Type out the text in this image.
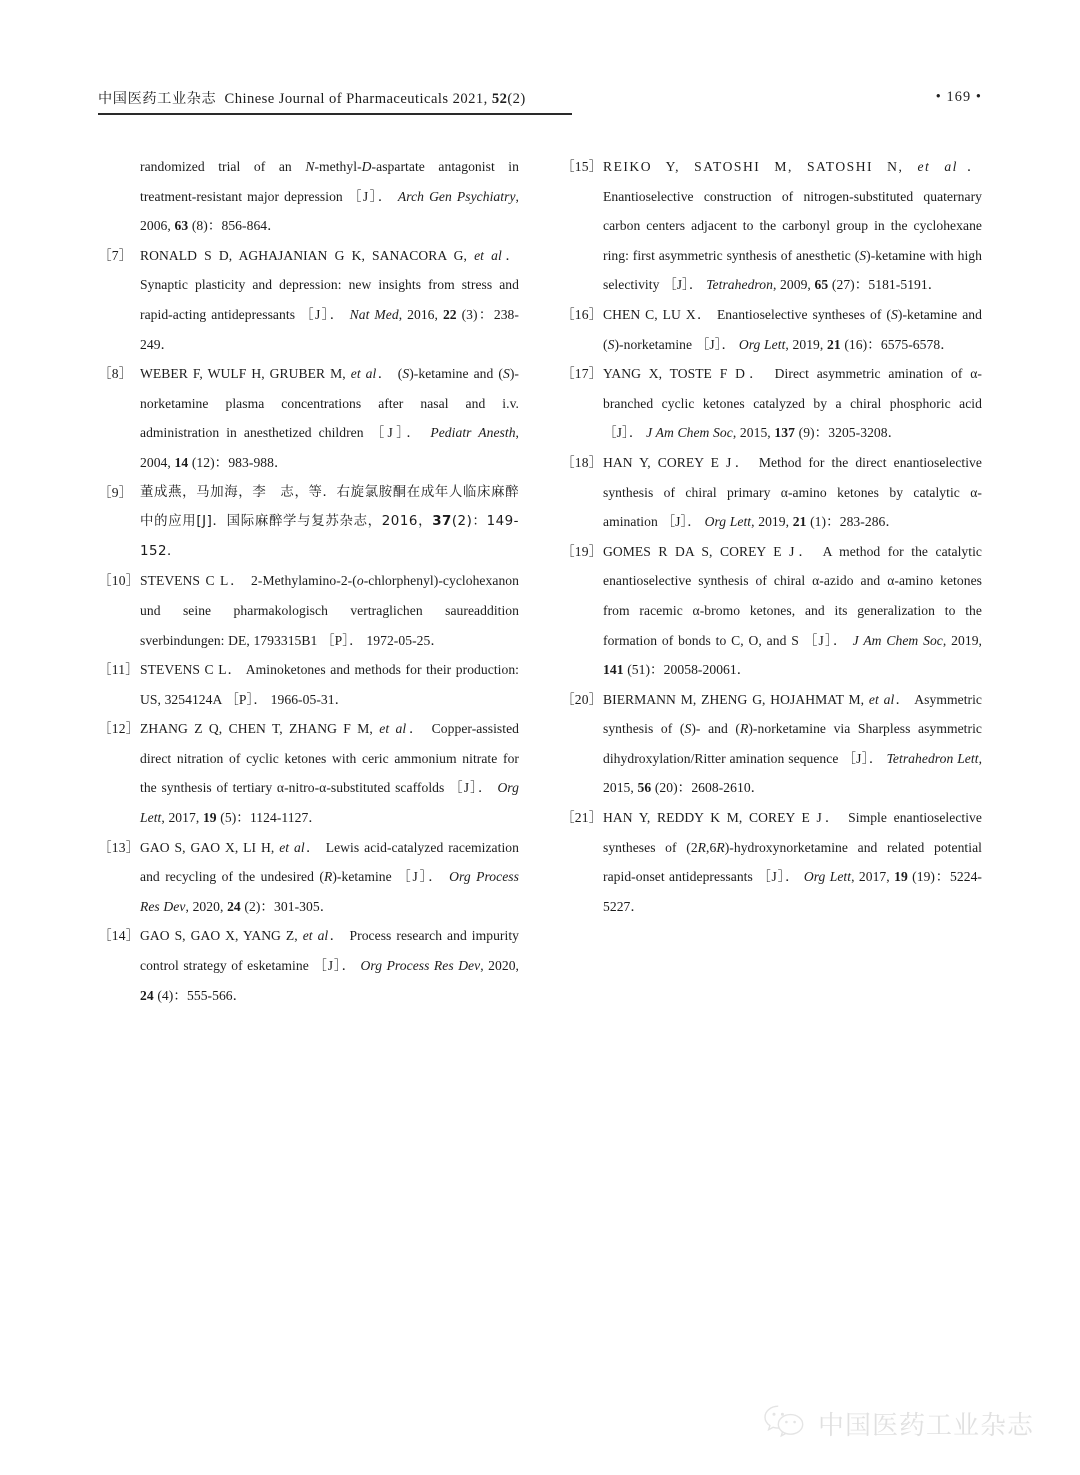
中国医药工业杂志 Chinese Journal of Pharmaceuticals 2021, 52(2)	• 169 •
randomized trial of an N-methyl-D-aspartate antagonist in treatment-resistant major depression ［J］． Arch Gen Psychiatry, 2006, 63 (8)：856-864．
［7］ RONALD S D, AGHAJANIAN G K, SANACORA G, et al． Synaptic plasticity and depression: new insights from stress and rapid-acting antidepressants ［J］． Nat Med, 2016, 22 (3)：238-249．
［8］ WEBER F, WULF H, GRUBER M, et al． (S)-ketamine and (S)-norketamine plasma concentrations after nasal and i.v. administration in anesthetized children ［J］． Pediatr Anesth, 2004, 14 (12)：983-988．
［9］ 董成燕，马加海，李　志，等．右旋氯胺酮在成年人临床麻醉中的应用[J]．国际麻醉学与复苏杂志，2016，37(2)：149-152．
［10］ STEVENS C L． 2-Methylamino-2-(o-chlorphenyl)-cyclohexanon und seine pharmakologisch vertraglichen saureaddition sverbindungen: DE, 1793315B1 ［P］． 1972-05-25．
［11］ STEVENS C L． Aminoketones and methods for their production: US, 3254124A ［P］． 1966-05-31．
［12］ ZHANG Z Q, CHEN T, ZHANG F M, et al． Copper-assisted direct nitration of cyclic ketones with ceric ammonium nitrate for the synthesis of tertiary α-nitro-α-substituted scaffolds ［J］． Org Lett, 2017, 19 (5)：1124-1127．
［13］ GAO S, GAO X, LI H, et al． Lewis acid-catalyzed racemization and recycling of the undesired (R)-ketamine ［J］． Org Process Res Dev, 2020, 24 (2)：301-305．
［14］ GAO S, GAO X, YANG Z, et al． Process research and impurity control strategy of esketamine ［J］． Org Process Res Dev, 2020, 24 (4)：555-566．
［15］ REIKO Y, SATOSHI M, SATOSHI N, et al． Enantioselective construction of nitrogen-substituted quaternary carbon centers adjacent to the carbonyl group in the cyclohexane ring: first asymmetric synthesis of anesthetic (S)-ketamine with high selectivity ［J］． Tetrahedron, 2009, 65 (27)：5181-5191．
［16］ CHEN C, LU X． Enantioselective syntheses of (S)-ketamine and (S)-norketamine ［J］． Org Lett, 2019, 21 (16)：6575-6578．
［17］ YANG X, TOSTE F D． Direct asymmetric amination of α-branched cyclic ketones catalyzed by a chiral phosphoric acid ［J］． J Am Chem Soc, 2015, 137 (9)：3205-3208．
［18］ HAN Y, COREY E J． Method for the direct enantioselective synthesis of chiral primary α-amino ketones by catalytic α-amination ［J］． Org Lett, 2019, 21 (1)：283-286．
［19］ GOMES R DA S, COREY E J． A method for the catalytic enantioselective synthesis of chiral α-azido and α-amino ketones from racemic α-bromo ketones, and its generalization to the formation of bonds to C, O, and S ［J］． J Am Chem Soc, 2019, 141 (51)：20058-20061．
［20］ BIERMANN M, ZHENG G, HOJAHMAT M, et al． Asymmetric synthesis of (S)- and (R)-norketamine via Sharpless asymmetric dihydroxylation/Ritter amination sequence ［J］． Tetrahedron Lett, 2015, 56 (20)：2608-2610．
［21］ HAN Y, REDDY K M, COREY E J． Simple enantioselective syntheses of (2R,6R)-hydroxynorketamine and related potential rapid-onset antidepressants ［J］． Org Lett, 2017, 19 (19)：5224-5227．
中国医药工业杂志
